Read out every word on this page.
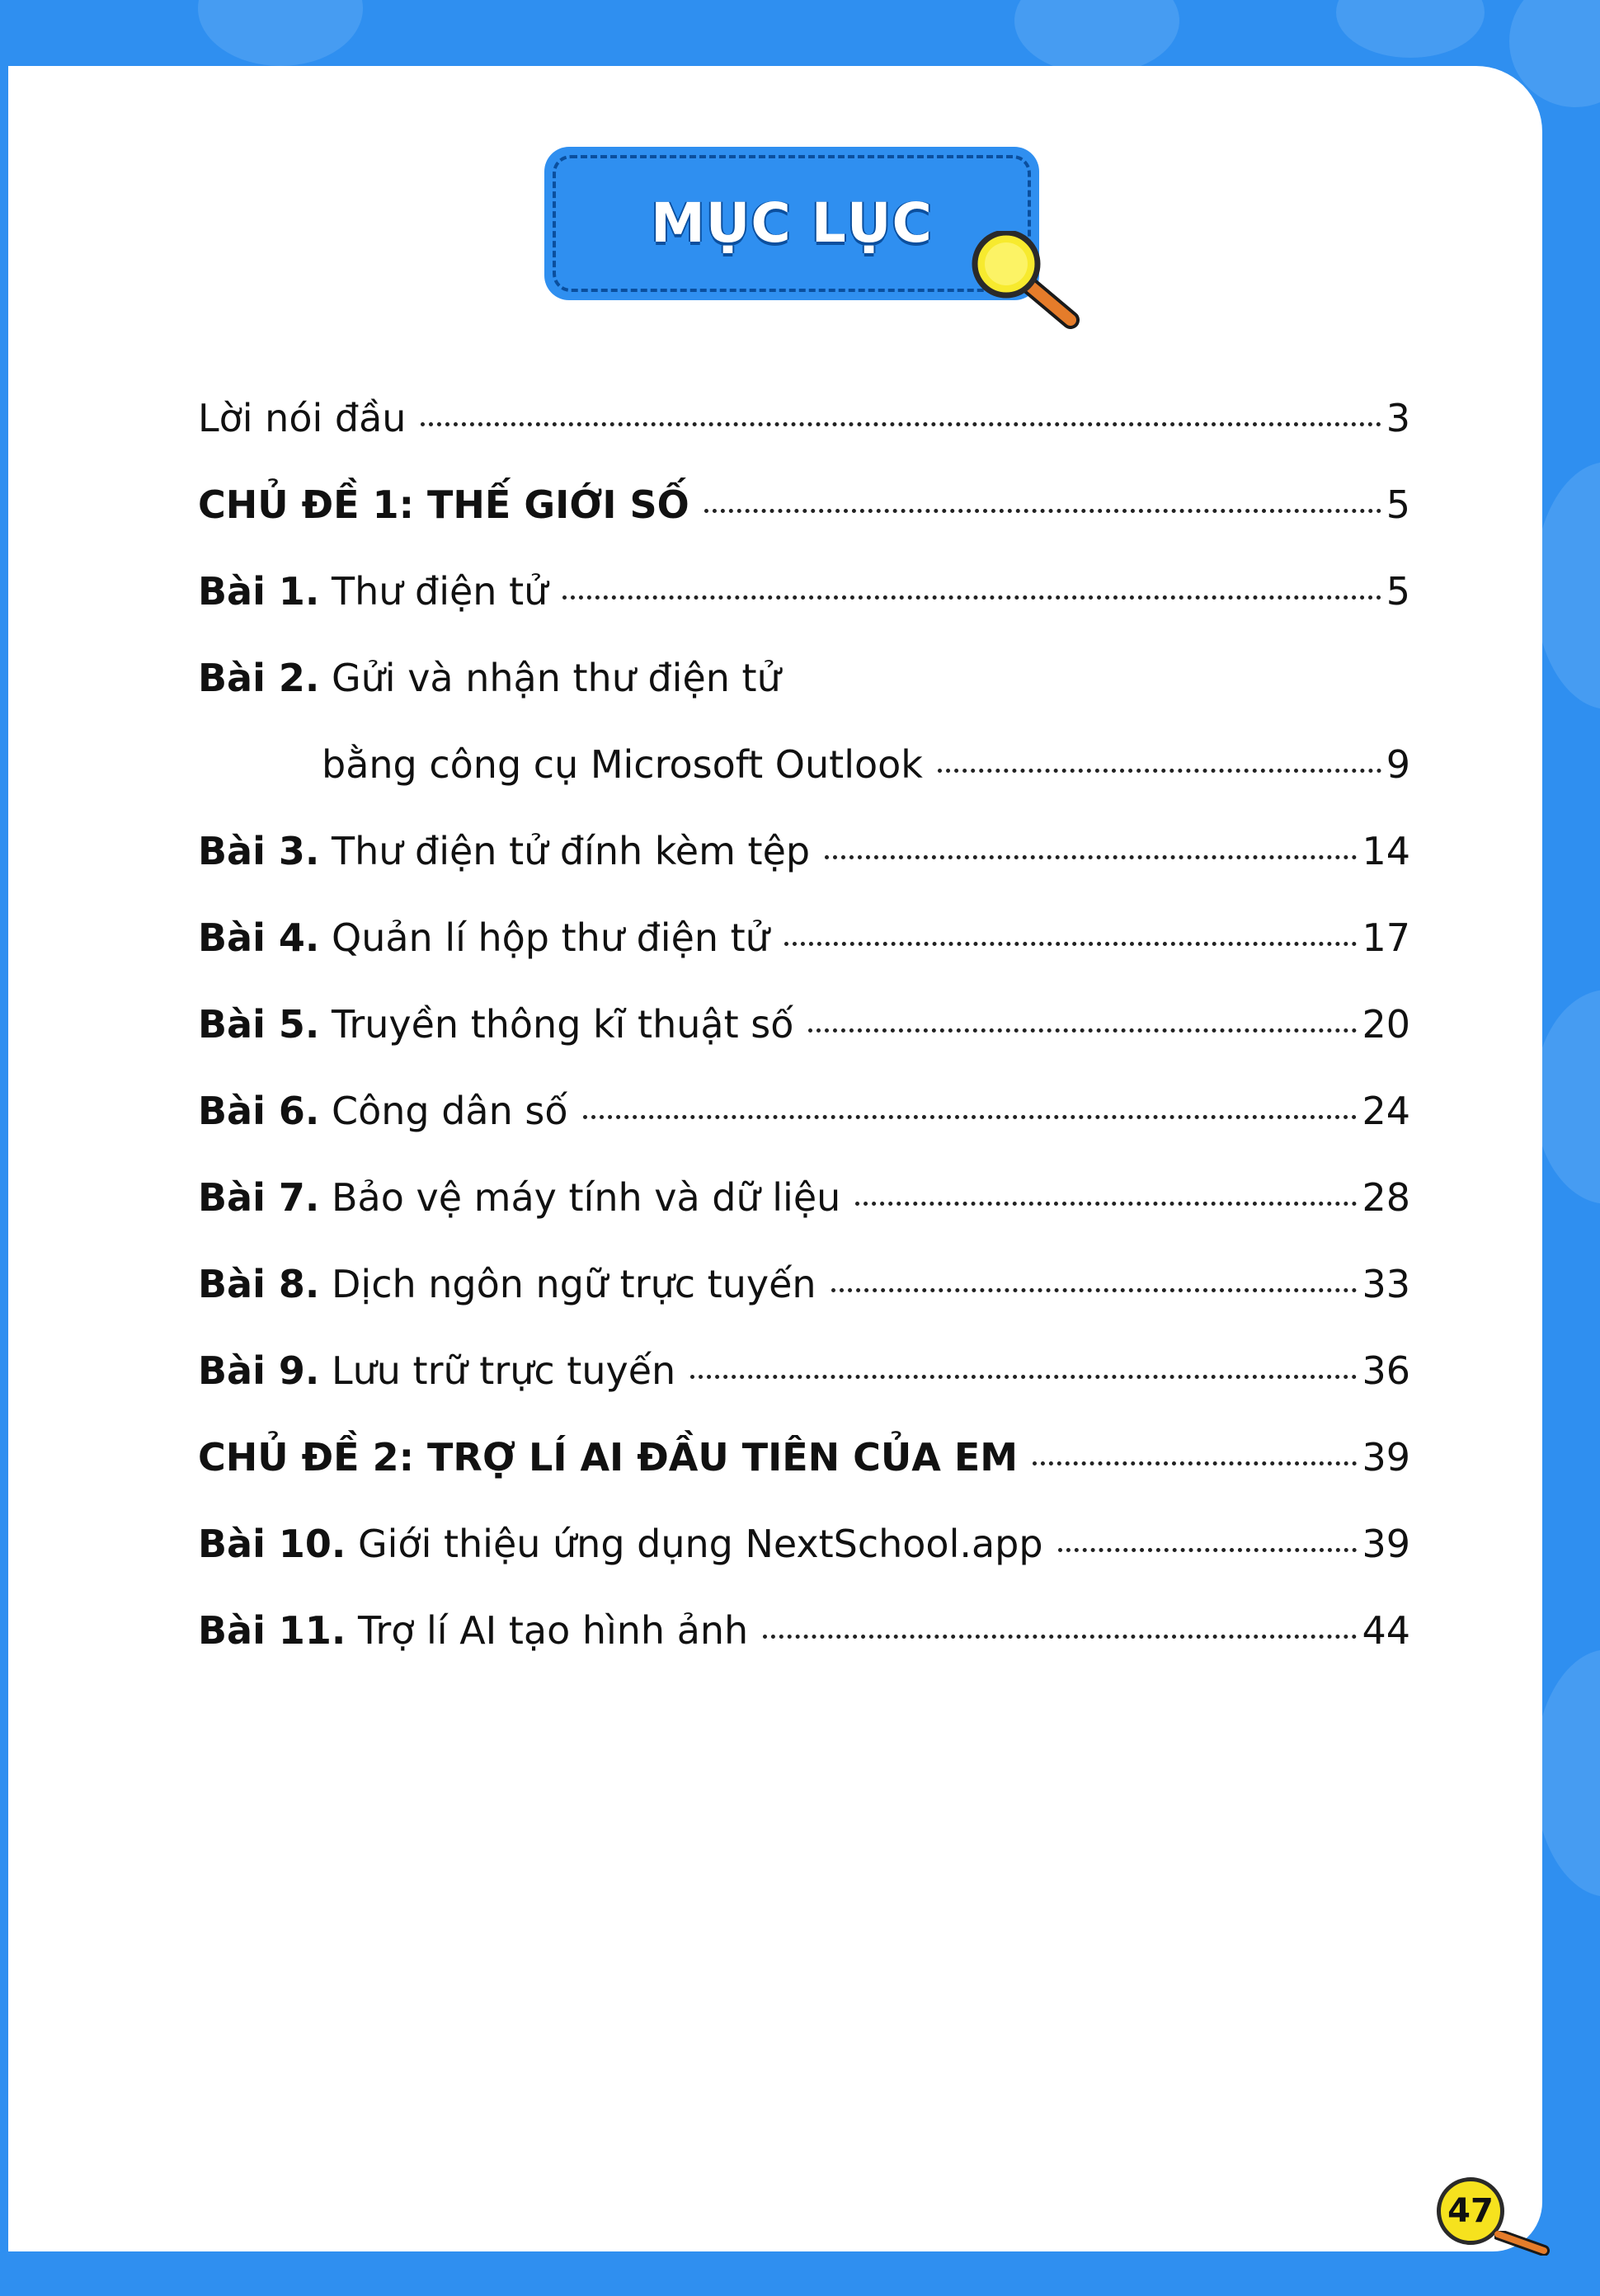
MỤC LỤC
Lời nói đầu	3
CHỦ ĐỀ 1: THẾ GIỚI SỐ	5
Bài 1. Thư điện tử	5
Bài 2. Gửi và nhận thư điện tử
bằng công cụ Microsoft Outlook	9
Bài 3. Thư điện tử đính kèm tệp	14
Bài 4. Quản lí hộp thư điện tử	17
Bài 5. Truyền thông kĩ thuật số	20
Bài 6. Công dân số	24
Bài 7. Bảo vệ máy tính và dữ liệu	28
Bài 8. Dịch ngôn ngữ trực tuyến	33
Bài 9. Lưu trữ trực tuyến	36
CHỦ ĐỀ 2: TRỢ LÍ AI ĐẦU TIÊN CỦA EM	39
Bài 10. Giới thiệu ứng dụng NextSchool.app	39
Bài 11. Trợ lí AI tạo hình ảnh	44
47
